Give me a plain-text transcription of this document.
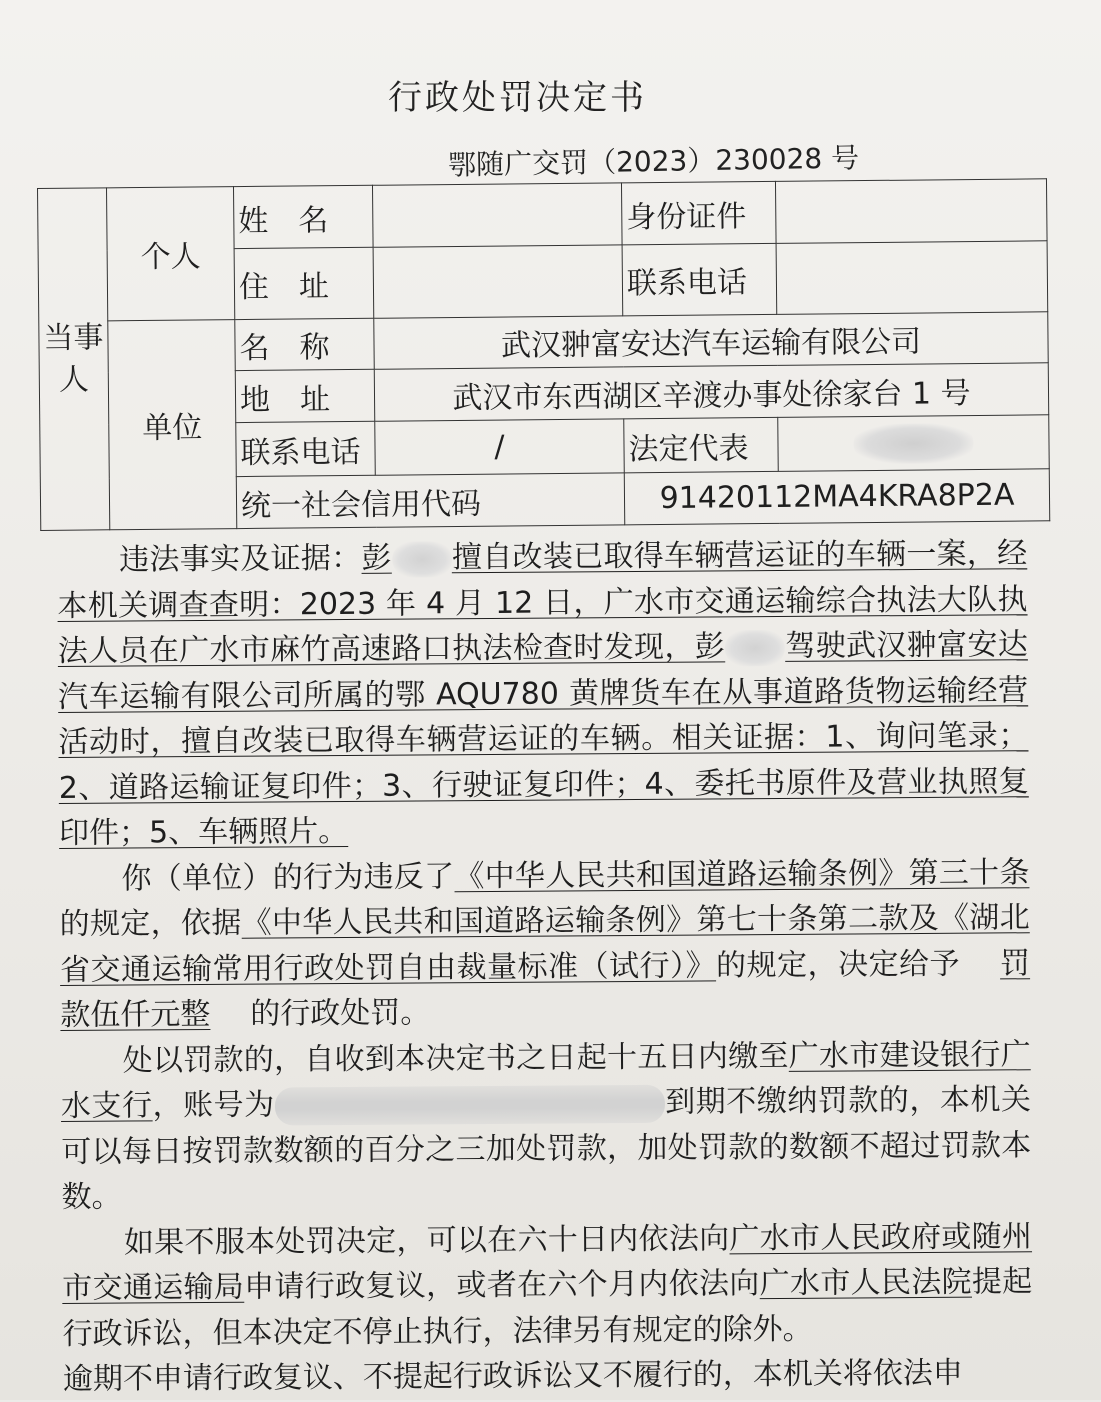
行政处罚决定书
鄂随广交罚（2023）230028 号
当事人	个人	姓　名		身份证件	
		住　址		联系电话	
	单位	名　称	武汉翀富安达汽车运输有限公司		
		地　址	武汉市东西湖区辛渡办事处徐家台 1 号		
		联系电话	/	法定代表	
		统一社会信用代码		91420112MA4KRA8P2A	

违法事实及证据：彭 擅自改装已取得车辆营运证的车辆一案，经本机关调查查明：2023 年 4 月 12 日，广水市交通运输综合执法大队执法人员在广水市麻竹高速路口执法检查时发现，彭 驾驶武汉翀富安达汽车运输有限公司所属的鄂 AQU780 黄牌货车在从事道路货物运输经营活动时，擅自改装已取得车辆营运证的车辆。相关证据：1、询问笔录； 2、道路运输证复印件；3、行驶证复印件；4、委托书原件及营业执照复印件；5、车辆照片。

你（单位）的行为违反了《中华人民共和国道路运输条例》第三十条的规定，依据《中华人民共和国道路运输条例》第七十条第二款及《湖北省交通运输常用行政处罚自由裁量标准（试行）》的规定，决定给予 罚款伍仟元整 的行政处罚。

处以罚款的，自收到本决定书之日起十五日内缴至广水市建设银行广水支行，账号为	到期不缴纳罚款的，本机关可以每日按罚款数额的百分之三加处罚款，加处罚款的数额不超过罚款本数。

如果不服本处罚决定，可以在六十日内依法向广水市人民政府或随州市交通运输局申请行政复议，或者在六个月内依法向广水市人民法院提起行政诉讼，但本决定不停止执行，法律另有规定的除外。

逾期不申请行政复议、不提起行政诉讼又不履行的，本机关将依法申
